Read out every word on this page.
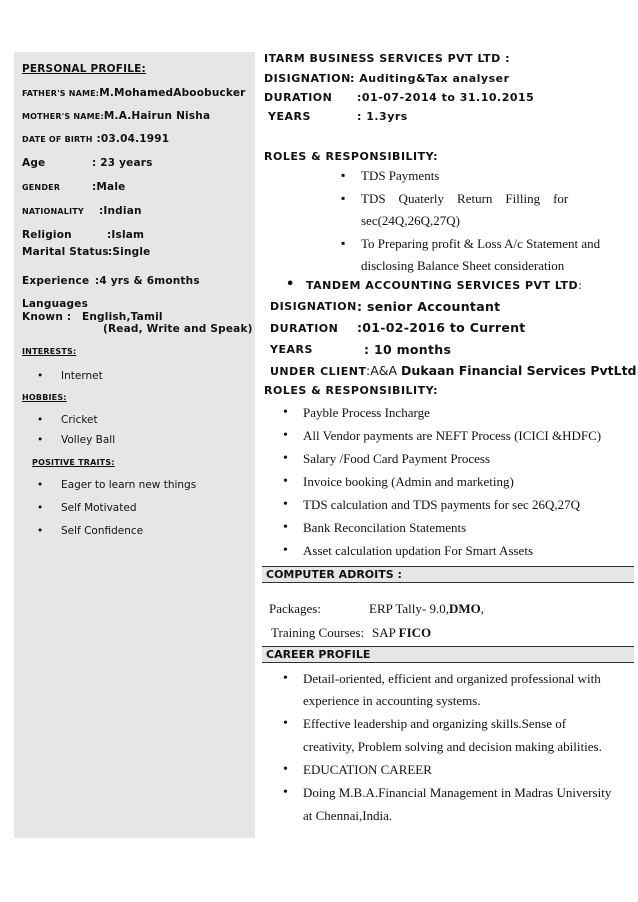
PERSONAL PROFILE:
FATHER'S NAME:M.MohamedAboobucker
MOTHER'S NAME:M.A.Hairun Nisha
DATE OF BIRTH :03.04.1991
Age	: 23 years
GENDER	:Male
NATIONALITY :Indian
Religion	:Islam
Marital Status :Single
Experience :4 yrs & 6months
Languages
Known : English,Tamil
(Read, Write and Speak)
INTERESTS:
• Internet
HOBBIES:
• Cricket
• Volley Ball
POSITIVE TRAITS:
• Eager to learn new things
• Self Motivated
• Self Confidence
ITARM BUSINESS SERVICES PVT LTD :
DISIGNATION : Auditing&Tax analyser
DURATION :01-07-2014 to 31.10.2015
YEARS	: 1.3yrs
ROLES & RESPONSIBILITY:
▪ TDS Payments
▪ TDS    Quaterly    Return    Filling    for
sec(24Q,26Q,27Q)
▪ To Preparing profit & Loss A/c Statement and
disclosing Balance Sheet consideration
• TANDEM ACCOUNTING SERVICES PVT LTD:
DISIGNATION : senior Accountant
DURATION :01-02-2016 to Current
YEARS	: 10 months
UNDER CLIENT :A&A Dukaan Financial Services PvtLtd
ROLES & RESPONSIBILITY:
• Payble Process Incharge
• All Vendor payments are NEFT Process (ICICI &HDFC)
• Salary /Food Card Payment Process
• Invoice booking (Admin and marketing)
• TDS calculation and TDS payments for sec 26Q,27Q
• Bank Reconcilation Statements
• Asset calculation updation For Smart Assets
COMPUTER ADROITS :
Packages:	ERP Tally- 9.0,DMO,
Training Courses: SAP FICO
CAREER PROFILE
• Detail-oriented, efficient and organized professional with
experience in accounting systems.
• Effective leadership and organizing skills.Sense of
creativity, Problem solving and decision making abilities.
• EDUCATION CAREER
• Doing M.B.A.Financial Management in Madras University
at Chennai,India.
